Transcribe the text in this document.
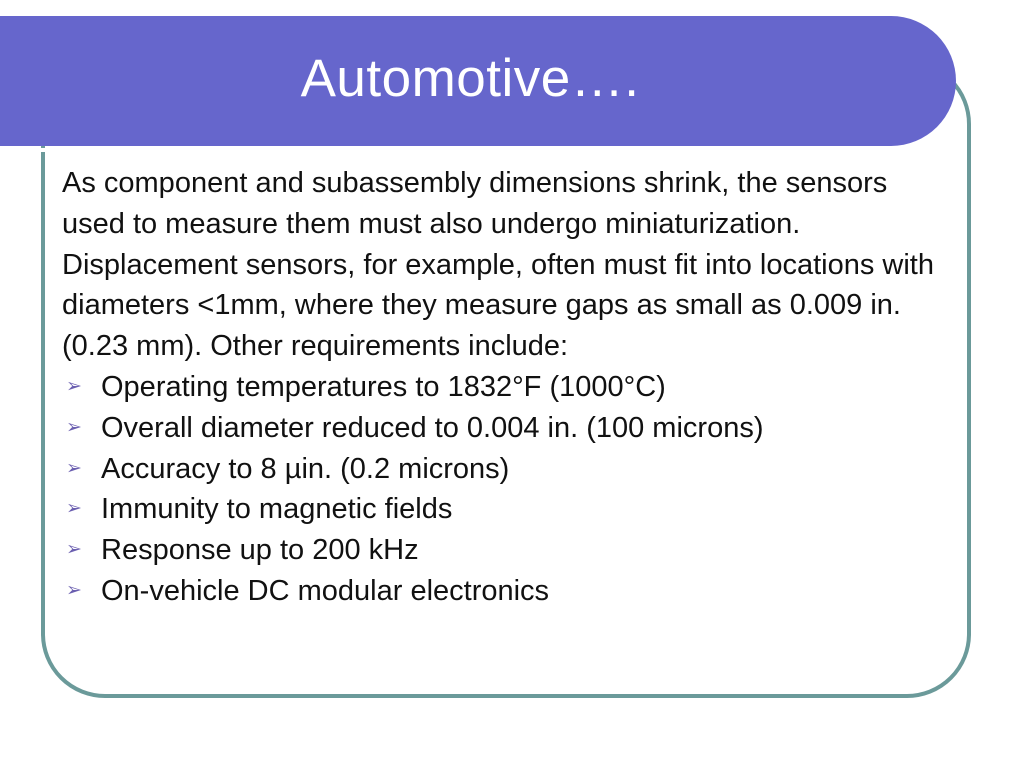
Automotive….

As component and subassembly dimensions shrink, the sensors used to measure them must also undergo miniaturization. Displacement sensors, for example, often must fit into locations with diameters <1mm, where they measure gaps as small as 0.009 in. (0.23 mm). Other requirements include:

➢ Operating temperatures to 1832°F (1000°C)
➢ Overall diameter reduced to 0.004 in. (100 microns)
➢ Accuracy to 8 µin. (0.2 microns)
➢ Immunity to magnetic fields
➢ Response up to 200 kHz
➢ On-vehicle DC modular electronics
